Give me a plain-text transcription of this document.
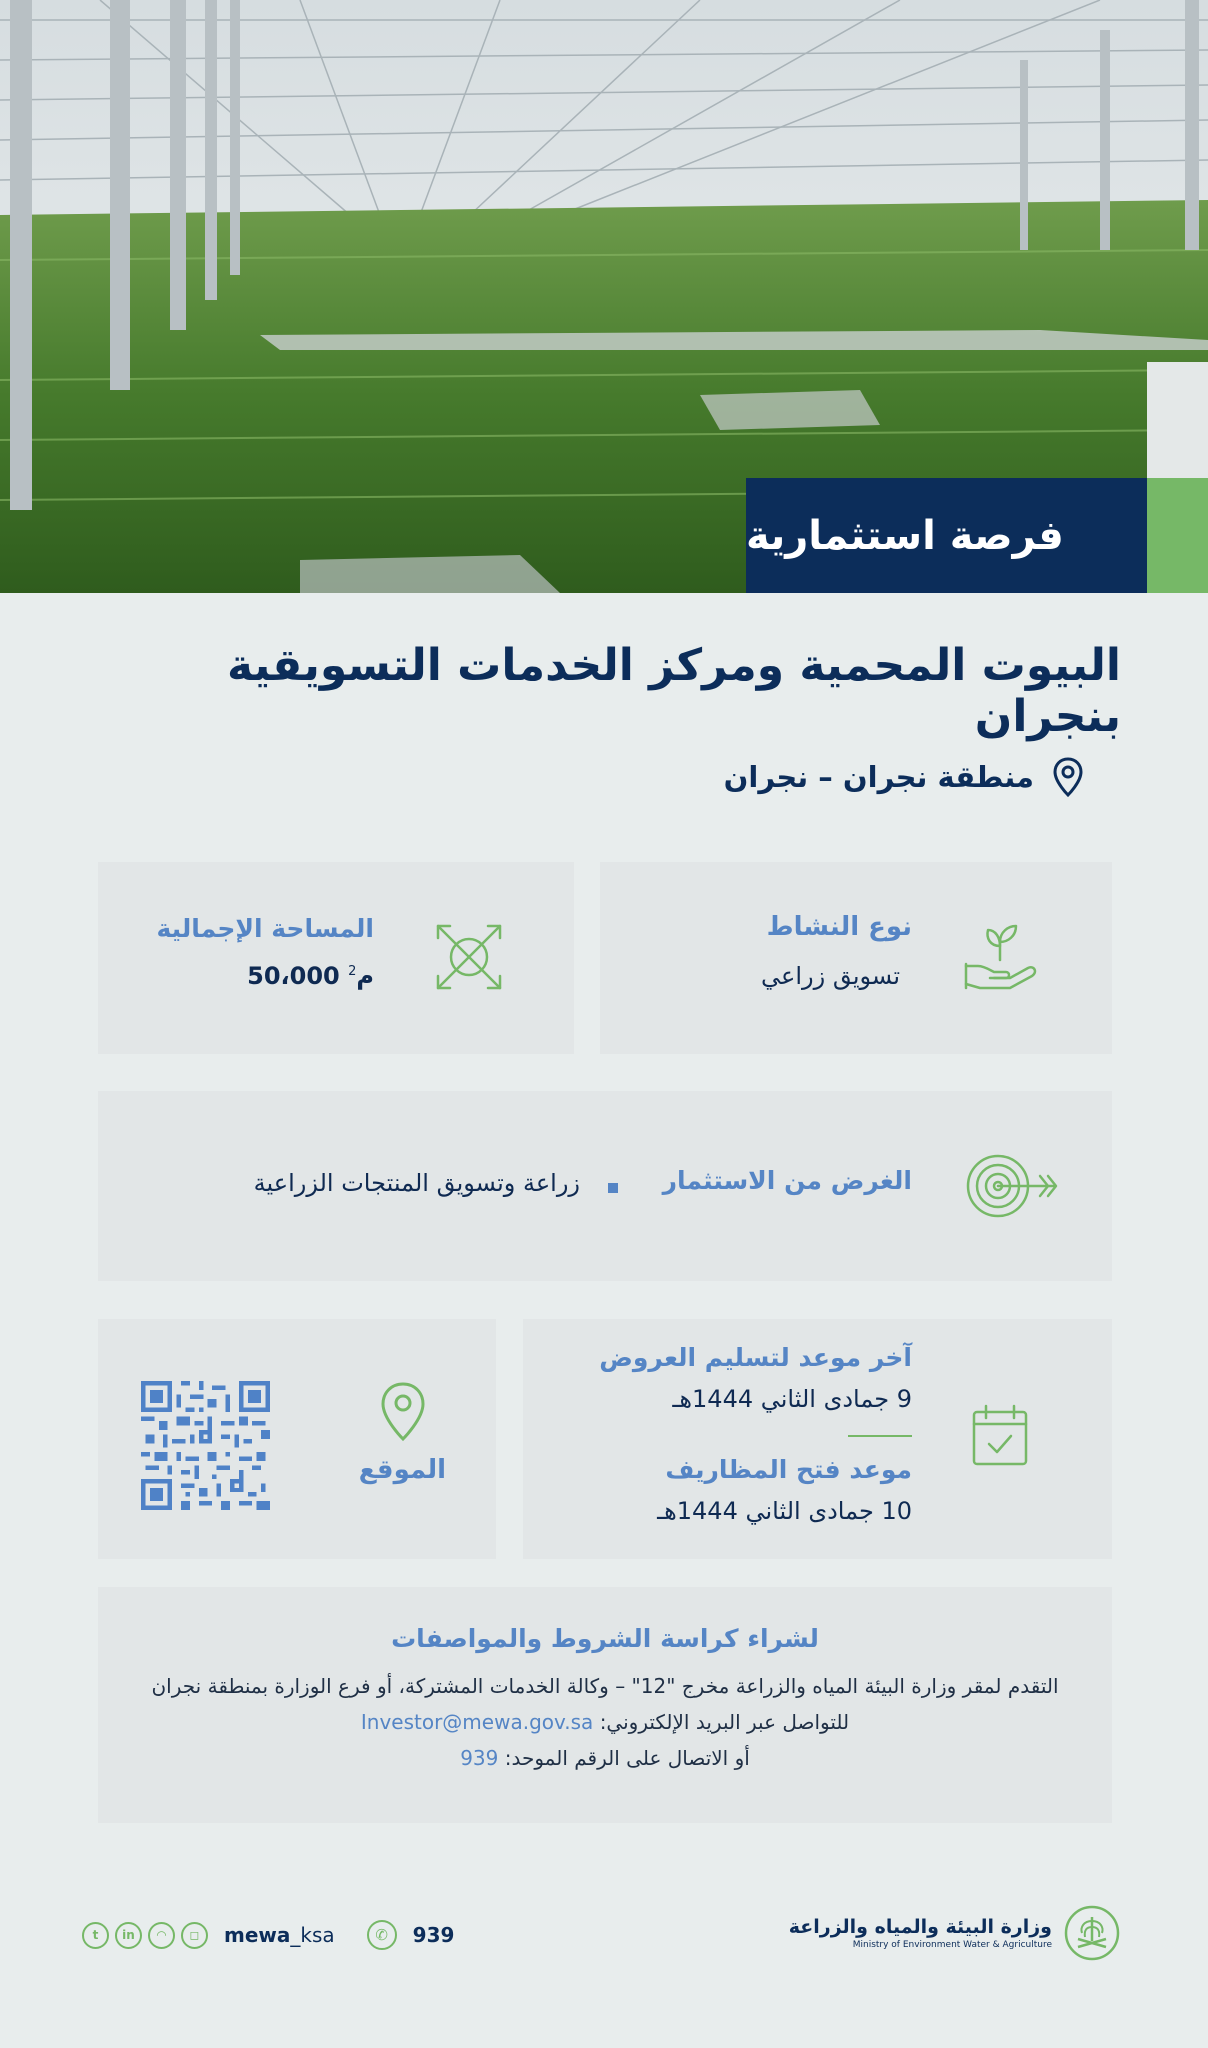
فرصة استثمارية
البيوت المحمية ومركز الخدمات التسويقية بنجران
منطقة نجران – نجران
نوع النشاط
تسويق زراعي
المساحة الإجمالية
م$^2$ 50،000
الغرض من الاستثمار
زراعة وتسويق المنتجات الزراعية
آخر موعد لتسليم العروض
9 جمادى الثاني 1444هـ
موعد فتح المظاريف
10 جمادى الثاني 1444هـ
الموقع
لشراء كراسة الشروط والمواصفات
التقدم لمقر وزارة البيئة المياه والزراعة مخرج "12" – وكالة الخدمات المشتركة، أو فرع الوزارة بمنطقة نجران
للتواصل عبر البريد الإلكتروني: Investor@mewa.gov.sa
أو الاتصال على الرقم الموحد: 939
وزارة البيئة والمياه والزراعة
Ministry of Environment Water & Agriculture
t	in	◠	◻	mewa_ksa	✆	939
